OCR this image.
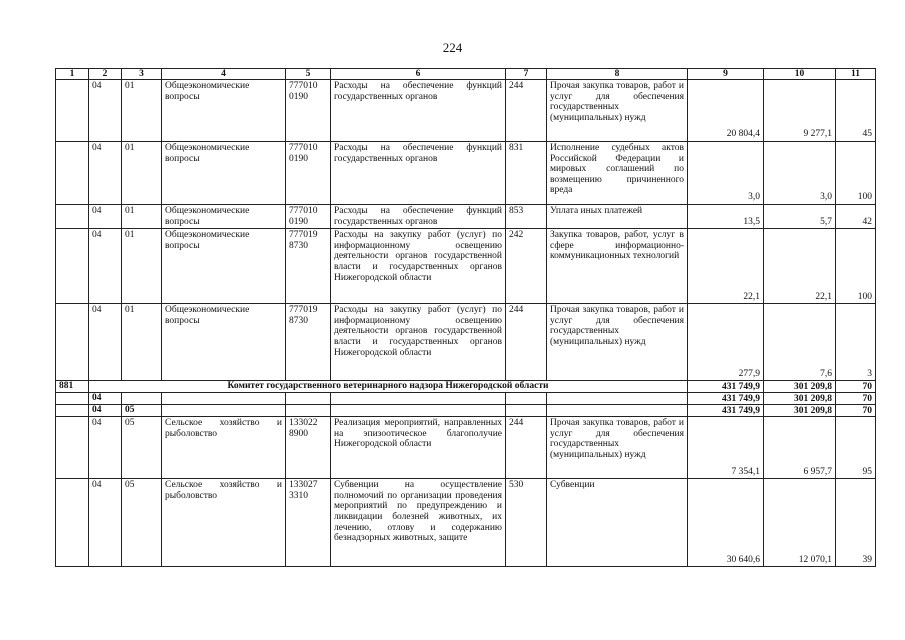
224
1	2	3	4	5	6	7	8	9	10	11
	04	01	Общеэкономические вопросы	777010 0190	Расходы на обеспечение функций государственных органов	244	Прочая закупка товаров, работ и услуг для обеспечения государственных (муниципальных) нужд	20 804,4	9 277,1	45
	04	01	Общеэкономические вопросы	777010 0190	Расходы на обеспечение функций государственных органов	831	Исполнение судебных актов Российской Федерации и мировых соглашений по возмещению причиненного вреда	3,0	3,0	100
	04	01	Общеэкономические вопросы	777010 0190	Расходы на обеспечение функций государственных органов	853	Уплата иных платежей	13,5	5,7	42
	04	01	Общеэкономические вопросы	777019 8730	Расходы на закупку работ (услуг) по информационному освещению деятельности органов государственной власти и государственных органов Нижегородской области	242	Закупка товаров, работ, услуг в сфере информационно-коммуникационных технологий	22,1	22,1	100
	04	01	Общеэкономические вопросы	777019 8730	Расходы на закупку работ (услуг) по информационному освещению деятельности органов государственной власти и государственных органов Нижегородской области	244	Прочая закупка товаров, работ и услуг для обеспечения государственных (муниципальных) нужд	277,9	7,6	3
881	Комитет государственного ветеринарного надзора Нижегородской области							431 749,9	301 209,8	70
	04							431 749,9	301 209,8	70
	04	05						431 749,9	301 209,8	70
	04	05	Сельское хозяйство и рыболовство	133022 8900	Реализация мероприятий, направленных на эпизоотическое благополучие Нижегородской области	244	Прочая закупка товаров, работ и услуг для обеспечения государственных (муниципальных) нужд	7 354,1	6 957,7	95
	04	05	Сельское хозяйство и рыболовство	133027 3310	Субвенции на осуществление полномочий по организации проведения мероприятий по предупреждению и ликвидации болезней животных, их лечению, отлову и содержанию безнадзорных животных, защите	530	Субвенции	30 640,6	12 070,1	39
